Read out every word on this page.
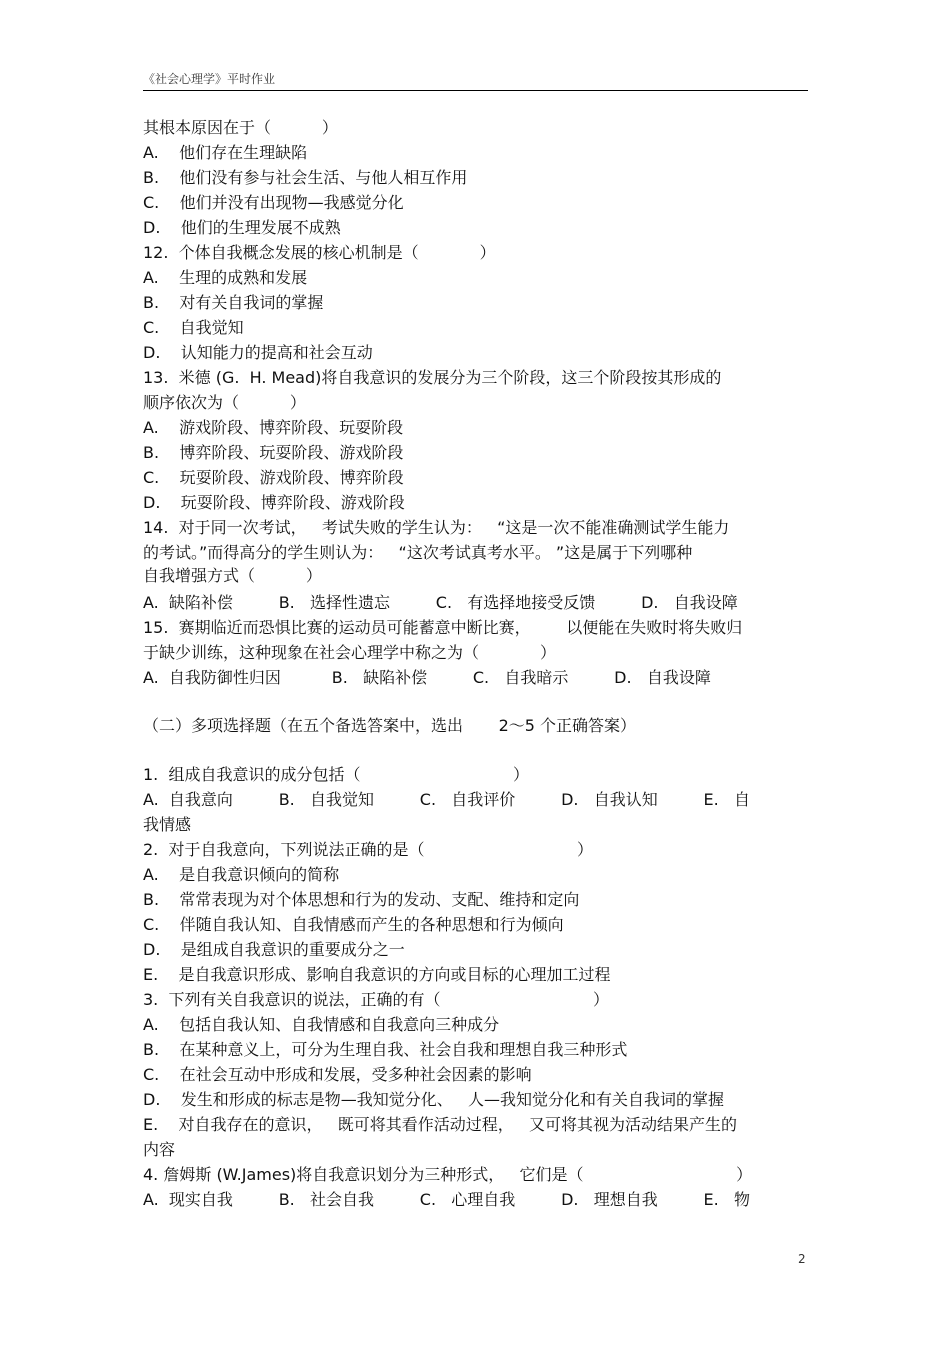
《社会心理学》平时作业
其根本原因在于（          ）
A.    他们存在生理缺陷
B.    他们没有参与社会生活、与他人相互作用
C.    他们并没有出现物—我感觉分化
D.    他们的生理发展不成熟
12.  个体自我概念发展的核心机制是（            ）
A.    生理的成熟和发展
B.    对有关自我词的掌握
C.    自我觉知
D.    认知能力的提高和社会互动
13.  米德 (G.  H. Mead)将自我意识的发展分为三个阶段，这三个阶段按其形成的
顺序依次为（          ）
A.    游戏阶段、博弈阶段、玩耍阶段
B.    博弈阶段、玩耍阶段、游戏阶段
C.    玩耍阶段、游戏阶段、博弈阶段
D.    玩耍阶段、博弈阶段、游戏阶段
14.  对于同一次考试，   考试失败的学生认为：   “这是一次不能准确测试学生能力
的考试。”而得高分的学生则认为：   “这次考试真考水平。 ”这是属于下列哪种
自我增强方式（          ）
A.  缺陷补偿         B.   选择性遗忘         C.   有选择地接受反馈         D.   自我设障
15.  赛期临近而恐惧比赛的运动员可能蓄意中断比赛，       以便能在失败时将失败归
于缺少训练，这种现象在社会心理学中称之为（            ）
A.  自我防御性归因          B.   缺陷补偿         C.   自我暗示         D.   自我设障
（二）多项选择题（在五个备选答案中，选出       2～5 个正确答案）
1.  组成自我意识的成分包括（                              ）
A.  自我意向         B.   自我觉知         C.   自我评价         D.   自我认知         E.   自
我情感
2.  对于自我意向，下列说法正确的是（                              ）
A.    是自我意识倾向的简称
B.    常常表现为对个体思想和行为的发动、支配、维持和定向
C.    伴随自我认知、自我情感而产生的各种思想和行为倾向
D.    是组成自我意识的重要成分之一
E.    是自我意识形成、影响自我意识的方向或目标的心理加工过程
3.  下列有关自我意识的说法，正确的有（                              ）
A.    包括自我认知、自我情感和自我意向三种成分
B.    在某种意义上，可分为生理自我、社会自我和理想自我三种形式
C.    在社会互动中形成和发展，受多种社会因素的影响
D.    发生和形成的标志是物—我知觉分化、   人—我知觉分化和有关自我词的掌握
E.    对自我存在的意识，   既可将其看作活动过程，   又可将其视为活动结果产生的
内容
4. 詹姆斯 (W.James)将自我意识划分为三种形式，   它们是（                              ）
A.  现实自我         B.   社会自我         C.   心理自我         D.   理想自我         E.   物
2
